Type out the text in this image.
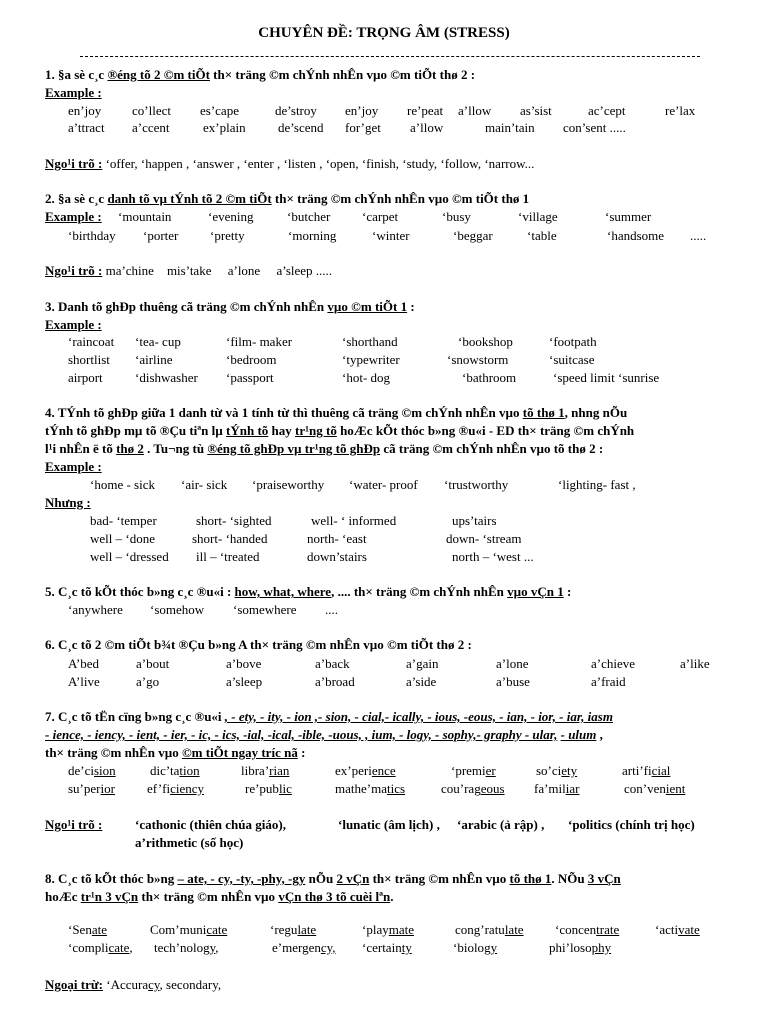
CHUYÊN ĐỀ: TRỌNG ÂM (STRESS)
1. §a sè c¸c ®éng tõ 2 ©m tiÕt th× träng ©m chÝnh nhÊn vµo ©m tiÕt thø 2 :
Example :
en’joy co’llect es’cape	de’stroy en’joy re’peat a’llow as’sist	ac’cept	re’lax
a’ttract a’ccent	ex’plain de’scend for’get a’llow	main’tain con’sent .....
Ngo¹i trõ : ‘offer, ‘happen , ‘answer , ‘enter , ‘listen , ‘open, ‘finish, ‘study, ‘follow, ‘narrow...
2. §a sè c¸c danh tõ vµ tÝnh tõ 2 ©m tiÕt th× träng ©m chÝnh nhÊn vµo ©m tiÕt thø 1
Example : ‘mountain	‘evening	‘butcher ‘carpet	‘busy	‘village	‘summer
‘birthday ‘porter ‘pretty	‘morning	‘winter	‘beggar	‘table	‘handsome .....
Ngo¹i trõ : ma’chine    mis’take     a’lone     a’sleep .....
3. Danh tõ ghÐp thuêng cã träng ©m chÝnh nhÊn vµo ©m tiÕt 1 :
Example :
‘raincoat ‘tea- cup	‘film- maker	‘shorthand	‘bookshop	‘footpath
shortlist ‘airline	‘bedroom	‘typewriter	‘snowstorm	‘suitcase
airport ‘dishwasher ‘passport	‘hot- dog	‘bathroom	‘speed limit ‘sunrise
4. TÝnh tõ ghÐp giữa 1 danh từ và 1 tính từ thì thuêng cã träng ©m chÝnh nhÊn vµo tõ thø 1, nhng nÕu
tÝnh tõ ghÐp mµ tõ ®Çu tiªn lµ tÝnh tõ hay tr¹ng tõ hoÆc kÕt thóc b»ng ®u«i - ED th× träng ©m chÝnh
l¹i nhÊn ë tõ thø 2 . Tu¬ng tù ®éng tõ ghÐp vµ tr¹ng tõ ghÐp cã träng ©m chÝnh nhÊn vµo tõ thø 2 :
Example :
‘home - sick ‘air- sick ‘praiseworthy ‘water- proof ‘trustworthy	‘lighting- fast ,
Nhưng :
bad- ‘temper	short- ‘sighted	well- ‘ informed	ups’tairs
well – ‘done	short- ‘handed	north- ‘east	down- ‘stream
well – ‘dressed ill – ‘treated	down’stairs	north – ‘west ...
5. C¸c tõ kÕt thóc b»ng c¸c ®u«i : how, what, where, .... th× träng ©m chÝnh nhÊn vµo vÇn 1 :
‘anywhere ‘somehow ‘somewhere ....
6. C¸c tõ 2 ©m tiÕt b¾t ®Çu b»ng A th× träng ©m nhÊn vµo ©m tiÕt thø 2 :
A’bed	a’bout	a’bove	a’back	a’gain	a’lone	a’chieve	a’like
A’live	a’go	a’sleep	a’broad	a’side	a’buse	a’fraid
7. C¸c tõ tËn cïng b»ng c¸c ®u«i , - ety, - ity, - ion ,- sion, - cial,- ically, - ious, -eous, - ian, - ior, - iar, iasm
- ience, - iency, - ient, - ier, - ic, - ics, -ial, -ical, -ible, -uous, , ium, - logy, - sophy,- graphy - ular, - ulum ,
th× träng ©m nhÊn vµo ©m tiÕt ngay tríc nã :
de’cision	dic’tation	libra’rian	ex’perience	‘premier	so’ciety	arti’ficial
su’perior ef’ficiency	re’public	mathe’matics	cou’rageous fa’miliar	con’venient
Ngo¹i trõ :	‘cathonic (thiên chúa giáo),	‘lunatic (âm lịch) , ‘arabic (ả rập) , ‘politics (chính trị học)
a’rithmetic (số học)
8. C¸c tõ kÕt thóc b»ng – ate, - cy, -ty, -phy, -gy nÕu 2 vÇn th× träng ©m nhÊn vµo tõ thø 1. NÕu 3 vÇn
hoÆc tr¹n 3 vÇn th× träng ©m nhÊn vµo vÇn thø 3 tõ cuèi lªn.
‘Senate	Com’municate	‘regulate	‘playmate	cong’ratulate ‘concentrate	‘activate
‘complicate, tech’nology,	e’mergency, ‘certainty	‘biology	phi’losophy
Ngoại trừ: ‘Accuracy, secondary,
